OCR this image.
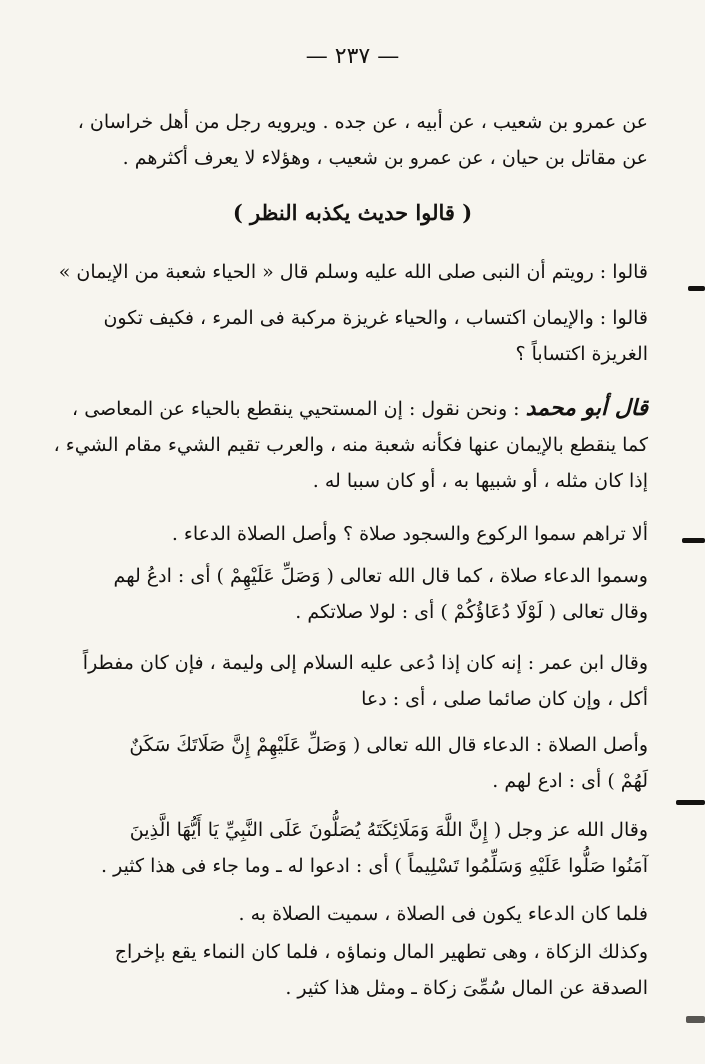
— ٢٣٧ —
عن عمرو بن شعيب ، عن أبيه ، عن جده . ويرويه رجل من أهل خراسان ،
عن مقاتل بن حيان ، عن عمرو بن شعيب ، وهؤلاء لا يعرف أكثرهم .
( قالوا حديث يكذبه النظر )
قالوا : رويتم أن النبى صلى الله عليه وسلم قال « الحياء شعبة من الإيمان »
قالوا : والإيمان اكتساب ، والحياء غريزة مركبة فى المرء ، فكيف تكون
الغريزة اكتساباً ؟
قال أبو محمد : ونحن نقول : إن المستحيي ينقطع بالحياء عن المعاصى ،
كما ينقطع بالإيمان عنها فكأنه شعبة منه ، والعرب تقيم الشيء مقام الشيء ،
إذا كان مثله ، أو شبيها به ، أو كان سببا له .
ألا تراهم سموا الركوع والسجود صلاة ؟ وأصل الصلاة الدعاء .
وسموا الدعاء صلاة ، كما قال الله تعالى ( وَصَلِّ عَلَيْهِمْ ) أى : ادعُ لهم
وقال تعالى ( لَوْلَا دُعَاؤُكُمْ ) أى : لولا صلاتكم .
وقال ابن عمر : إنه كان إذا دُعى عليه السلام إلى وليمة ، فإن كان مفطراً
أكل ، وإن كان صائما صلى ، أى : دعا
وأصل الصلاة : الدعاء قال الله تعالى ( وَصَلِّ عَلَيْهِمْ إِنَّ صَلَاتَكَ سَكَنٌ
لَهُمْ ) أى : ادع لهم .
وقال الله عز وجل ( إِنَّ اللَّهَ وَمَلَائِكَتَهُ يُصَلُّونَ عَلَى النَّبِيِّ يَا أَيُّهَا الَّذِينَ
آمَنُوا صَلُّوا عَلَيْهِ وَسَلِّمُوا تَسْلِيماً ) أى : ادعوا له ـ وما جاء فى هذا كثير .
فلما كان الدعاء يكون فى الصلاة ، سميت الصلاة به .
وكذلك الزكاة ، وهى تطهير المال ونماؤه ، فلما كان النماء يقع بإخراج
الصدقة عن المال سُمِّىَ زكاة ـ ومثل هذا كثير .
